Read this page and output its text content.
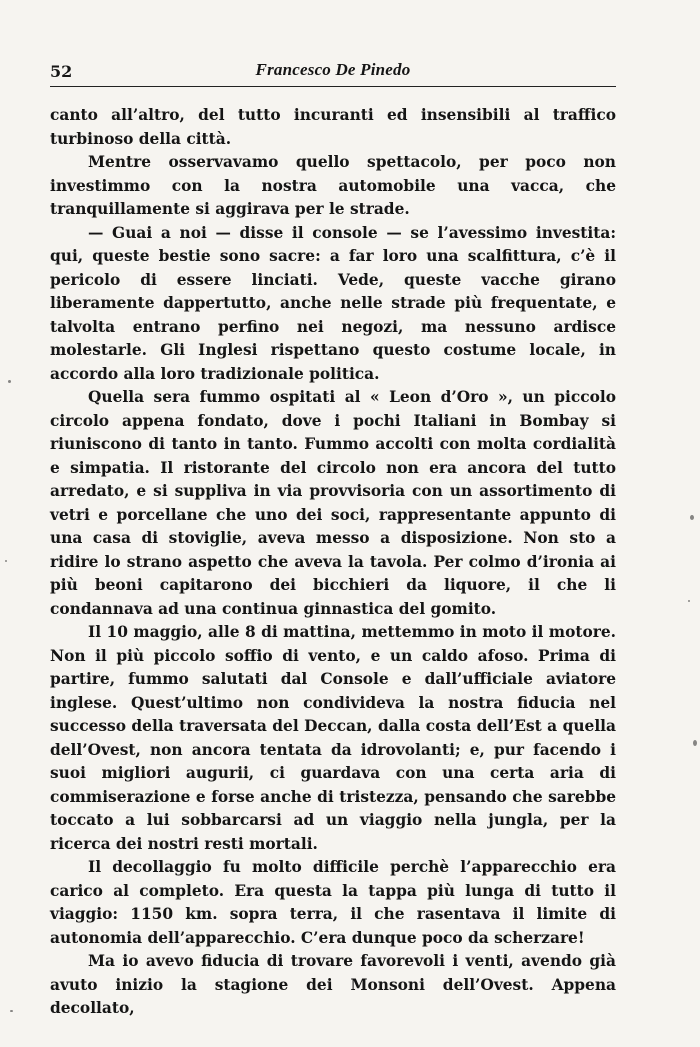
52	Francesco De Pinedo

canto all’altro, del tutto incuranti ed insensibili al traffico turbinoso della città.

Mentre osservavamo quello spettacolo, per poco non investimmo con la nostra automobile una vacca, che tranquillamente si aggirava per le strade.

— Guai a noi — disse il console — se l’avessimo investita: qui, queste bestie sono sacre: a far loro una scalfittura, c’è il pericolo di essere linciati. Vede, queste vacche girano liberamente dappertutto, anche nelle strade più frequentate, e talvolta entrano perfino nei negozi, ma nessuno ardisce molestarle. Gli Inglesi rispettano questo costume locale, in accordo alla loro tradizionale politica.

Quella sera fummo ospitati al « Leon d’Oro », un piccolo circolo appena fondato, dove i pochi Italiani in Bombay si riuniscono di tanto in tanto. Fummo accolti con molta cordialità e simpatia. Il ristorante del circolo non era ancora del tutto arredato, e si suppliva in via provvisoria con un assortimento di vetri e porcellane che uno dei soci, rappresentante appunto di una casa di stoviglie, aveva messo a disposizione. Non sto a ridire lo strano aspetto che aveva la tavola. Per colmo d’ironia ai più beoni capitarono dei bicchieri da liquore, il che li condannava ad una continua ginnastica del gomito.

Il 10 maggio, alle 8 di mattina, mettemmo in moto il motore. Non il più piccolo soffio di vento, e un caldo afoso. Prima di partire, fummo salutati dal Console e dall’ufficiale aviatore inglese. Quest’ultimo non condivideva la nostra fiducia nel successo della traversata del Deccan, dalla costa dell’Est a quella dell’Ovest, non ancora tentata da idrovolanti; e, pur facendo i suoi migliori augurii, ci guardava con una certa aria di commiserazione e forse anche di tristezza, pensando che sarebbe toccato a lui sobbarcarsi ad un viaggio nella jungla, per la ricerca dei nostri resti mortali.

Il decollaggio fu molto difficile perchè l’apparecchio era carico al completo. Era questa la tappa più lunga di tutto il viaggio: 1150 km. sopra terra, il che rasentava il limite di autonomia dell’apparecchio. C’era dunque poco da scherzare!

Ma io avevo fiducia di trovare favorevoli i venti, avendo già avuto inizio la stagione dei Monsoni dell’Ovest. Appena decollato,
